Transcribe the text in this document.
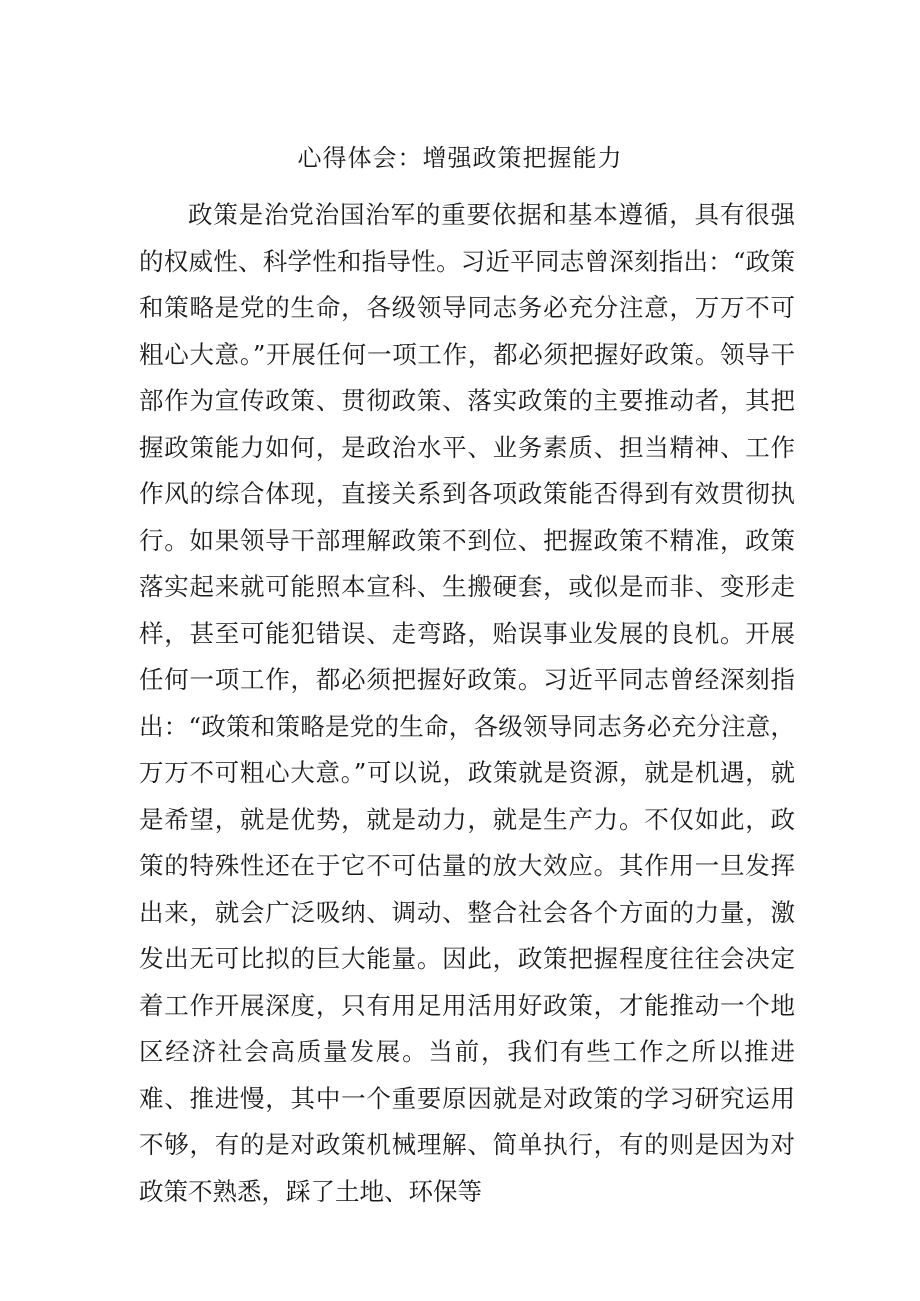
心得体会：增强政策把握能力

政策是治党治国治军的重要依据和基本遵循，具有很强的权威性、科学性和指导性。习近平同志曾深刻指出：“政策和策略是党的生命，各级领导同志务必充分注意，万万不可粗心大意。”开展任何一项工作，都必须把握好政策。领导干部作为宣传政策、贯彻政策、落实政策的主要推动者，其把握政策能力如何，是政治水平、业务素质、担当精神、工作作风的综合体现，直接关系到各项政策能否得到有效贯彻执行。如果领导干部理解政策不到位、把握政策不精准，政策落实起来就可能照本宣科、生搬硬套，或似是而非、变形走样，甚至可能犯错误、走弯路，贻误事业发展的良机。开展任何一项工作，都必须把握好政策。习近平同志曾经深刻指出：“政策和策略是党的生命，各级领导同志务必充分注意，万万不可粗心大意。”可以说，政策就是资源，就是机遇，就是希望，就是优势，就是动力，就是生产力。不仅如此，政策的特殊性还在于它不可估量的放大效应。其作用一旦发挥出来，就会广泛吸纳、调动、整合社会各个方面的力量，激发出无可比拟的巨大能量。因此，政策把握程度往往会决定着工作开展深度，只有用足用活用好政策，才能推动一个地区经济社会高质量发展。当前，我们有些工作之所以推进难、推进慢，其中一个重要原因就是对政策的学习研究运用不够，有的是对政策机械理解、简单执行，有的则是因为对政策不熟悉，踩了土地、环保等
